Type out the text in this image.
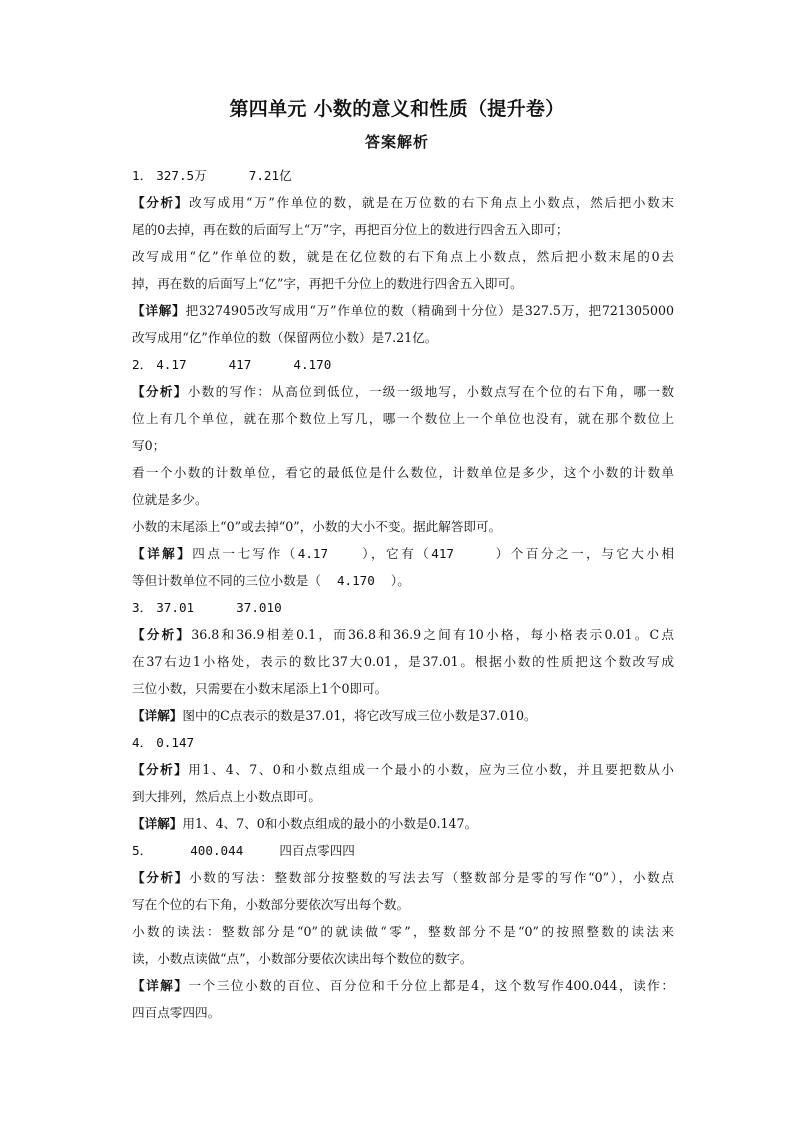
第四单元 小数的意义和性质（提升卷）
答案解析
1． 327.5万	7.21亿
【分析】改写成用“万”作单位的数，就是在万位数的右下角点上小数点，然后把小数末
尾的0去掉，再在数的后面写上“万”字，再把百分位上的数进行四舍五入即可；
改写成用“亿”作单位的数，就是在亿位数的右下角点上小数点，然后把小数末尾的0去
掉，再在数的后面写上“亿”字，再把千分位上的数进行四舍五入即可。
【详解】把3274905改写成用“万”作单位的数（精确到十分位）是327.5万，把721305000
改写成用“亿”作单位的数（保留两位小数）是7.21亿。
2． 4.17	417	4.170
【分析】小数的写作：从高位到低位，一级一级地写，小数点写在个位的右下角，哪一数
位上有几个单位，就在那个数位上写几，哪一个数位上一个单位也没有，就在那个数位上
写0；
看一个小数的计数单位，看它的最低位是什么数位，计数单位是多少，这个小数的计数单
位就是多少。
小数的末尾添上“0”或去掉“0”，小数的大小不变。据此解答即可。
【详解】四点一七写作（4.17	），它有（417	）个百分之一，与它大小相
等但计数单位不同的三位小数是（ 4.170 ）。
3． 37.01	37.010
【分析】36.8和36.9相差0.1，而36.8和36.9之间有10小格，每小格表示0.01。C点
在37右边1小格处，表示的数比37大0.01，是37.01。根据小数的性质把这个数改写成
三位小数，只需要在小数末尾添上1个0即可。
【详解】图中的C点表示的数是37.01，将它改写成三位小数是37.010。
4． 0.147
【分析】用1、4、7、0和小数点组成一个最小的小数，应为三位小数，并且要把数从小
到大排列，然后点上小数点即可。
【详解】用1、4、7、0和小数点组成的最小的小数是0.147。
5．	400.044	四百点零四四
【分析】小数的写法：整数部分按整数的写法去写（整数部分是零的写作“0”），小数点
写在个位的右下角，小数部分要依次写出每个数。
小数的读法：整数部分是“0”的就读做“零”，整数部分不是“0”的按照整数的读法来
读，小数点读做“点”，小数部分要依次读出每个数位的数字。
【详解】一个三位小数的百位、百分位和千分位上都是4，这个数写作400.044，读作：
四百点零四四。
